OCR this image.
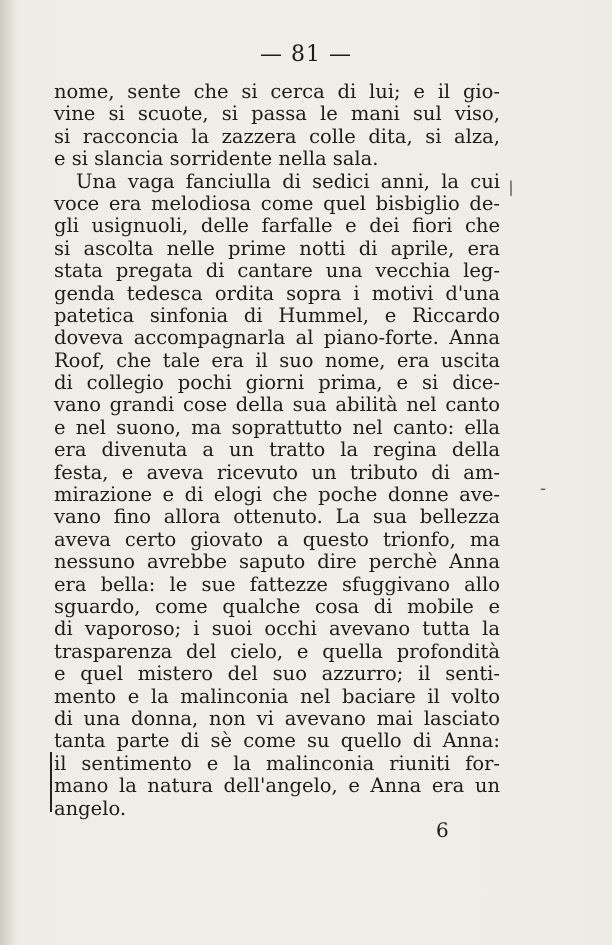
— 81 —
nome, sente che si cerca di lui; e il gio-
vine si scuote, si passa le mani sul viso,
si racconcia la zazzera colle dita, si alza,
e si slancia sorridente nella sala.
Una vaga fanciulla di sedici anni, la cui
voce era melodiosa come quel bisbiglio de-
gli usignuoli, delle farfalle e dei fiori che
si ascolta nelle prime notti di aprile, era
stata pregata di cantare una vecchia leg-
genda tedesca ordita sopra i motivi d'una
patetica sinfonia di Hummel, e Riccardo
doveva accompagnarla al piano-forte. Anna
Roof, che tale era il suo nome, era uscita
di collegio pochi giorni prima, e si dice-
vano grandi cose della sua abilità nel canto
e nel suono, ma soprattutto nel canto: ella
era divenuta a un tratto la regina della
festa, e aveva ricevuto un tributo di am-
mirazione e di elogi che poche donne ave-
vano fino allora ottenuto. La sua bellezza
aveva certo giovato a questo trionfo, ma
nessuno avrebbe saputo dire perchè Anna
era bella: le sue fattezze sfuggivano allo
sguardo, come qualche cosa di mobile e
di vaporoso; i suoi occhi avevano tutta la
trasparenza del cielo, e quella profondità
e quel mistero del suo azzurro; il senti-
mento e la malinconia nel baciare il volto
di una donna, non vi avevano mai lasciato
tanta parte di sè come su quello di Anna:
il sentimento e la malinconia riuniti for-
mano la natura dell'angelo, e Anna era un
angelo.
/
-
6
